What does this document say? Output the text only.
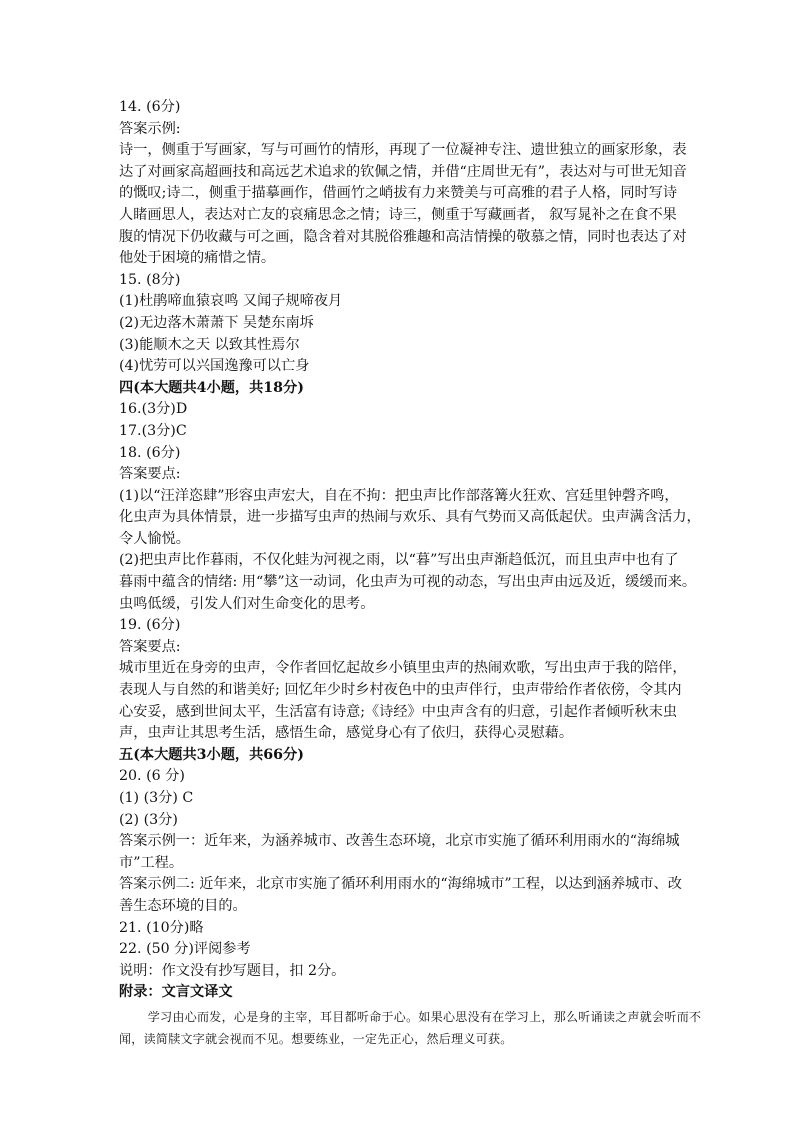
14. (6分)
答案示例:
诗一，侧重于写画家，写与可画竹的情形，再现了一位凝神专注、遗世独立的画家形象，表
达了对画家高超画技和高远艺术追求的钦佩之情，并借“庄周世无有”，表达对与可世无知音
的慨叹;诗二，侧重于描摹画作，借画竹之峭拔有力来赞美与可高雅的君子人格，同时写诗
人睹画思人，表达对亡友的哀痛思念之情；诗三，侧重于写藏画者， 叙写晁补之在食不果
腹的情况下仍收藏与可之画，隐含着对其脱俗雅趣和高洁情操的敬慕之情，同时也表达了对
他处于困境的痛惜之情。
15. (8分)
(1)杜鹃啼血猿哀鸣 又闻子规啼夜月
(2)无边落木萧萧下 吴楚东南坼
(3)能顺木之天 以致其性焉尔
(4)忧劳可以兴国逸豫可以亡身
四(本大题共4小题，共18分)
16.(3分)D
17.(3分)C
18. (6分)
答案要点:
(1)以“汪洋恣肆”形容虫声宏大，自在不拘：把虫声比作部落篝火狂欢、宫廷里钟磬齐鸣，
化虫声为具体情景，进一步描写虫声的热闹与欢乐、具有气势而又高低起伏。虫声满含活力，
令人愉悦。
(2)把虫声比作暮雨，不仅化蛙为河视之雨，以“暮”写出虫声渐趋低沉，而且虫声中也有了
暮雨中蕴含的情绪: 用“攀”这一动词，化虫声为可视的动态，写出虫声由远及近，缓缓而来。
虫鸣低缓，引发人们对生命变化的思考。
19. (6分)
答案要点:
城市里近在身旁的虫声，令作者回忆起故乡小镇里虫声的热闹欢歌，写出虫声于我的陪伴，
表现人与自然的和谐美好; 回忆年少时乡村夜色中的虫声伴行，虫声带给作者依傍，令其内
心安妥，感到世间太平，生活富有诗意;《诗经》中虫声含有的归意，引起作者倾听秋末虫
声，虫声让其思考生活，感悟生命，感觉身心有了依归，获得心灵慰藉。
五(本大题共3小题，共66分)
20. (6 分)
(1) (3分) C
(2) (3分)
答案示例一：近年来，为涵养城市、改善生态环境，北京市实施了循环利用雨水的“海绵城
市”工程。
答案示例二: 近年来，北京市实施了循环利用雨水的“海绵城市”工程，以达到涵养城市、改
善生态环境的目的。
21. (10分)略
22. (50 分)评阅参考
说明：作文没有抄写题目，扣 2分。
附录：文言文译文
学习由心而发，心是身的主宰，耳目都听命于心。如果心思没有在学习上，那么听诵读之声就会听而不闻，读简牍文字就会视而不见。想要练业，一定先正心，然后理义可获。
